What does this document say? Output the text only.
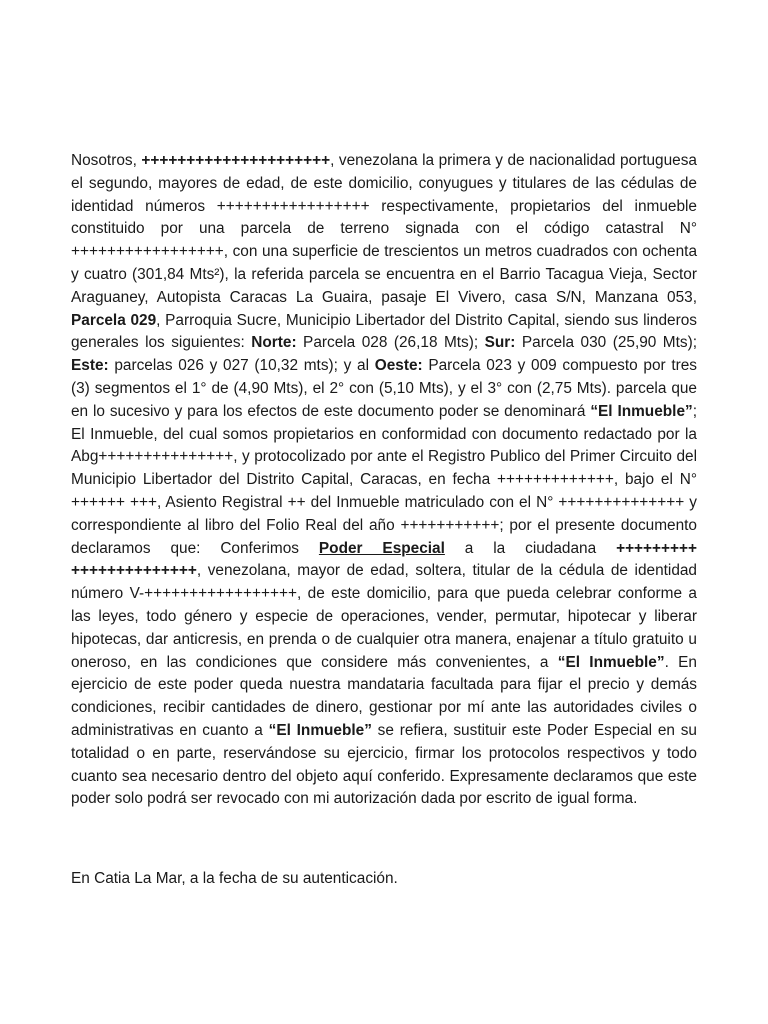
Nosotros, +++++++++++++++++++++, venezolana la primera y de nacionalidad portuguesa el segundo, mayores de edad, de este domicilio, conyugues y titulares de las cédulas de identidad números +++++++++++++++++ respectivamente, propietarios del inmueble constituido por una parcela de terreno signada con el código catastral N° +++++++++++++++++, con una superficie de trescientos un metros cuadrados con ochenta y cuatro (301,84 Mts²), la referida parcela se encuentra en el Barrio Tacagua Vieja, Sector Araguaney, Autopista Caracas La Guaira, pasaje El Vivero, casa S/N, Manzana 053, Parcela 029, Parroquia Sucre, Municipio Libertador del Distrito Capital, siendo sus linderos generales los siguientes: Norte: Parcela 028 (26,18 Mts); Sur: Parcela 030 (25,90 Mts); Este: parcelas 026 y 027 (10,32 mts); y al Oeste: Parcela 023 y 009 compuesto por tres (3) segmentos el 1° de (4,90 Mts), el 2° con (5,10 Mts), y el 3° con (2,75 Mts). parcela que en lo sucesivo y para los efectos de este documento poder se denominará “El Inmueble”; El Inmueble, del cual somos propietarios en conformidad con documento redactado por la Abg+++++++++++++++, y protocolizado por ante el Registro Publico del Primer Circuito del Municipio Libertador del Distrito Capital, Caracas, en fecha +++++++++++++, bajo el N° ++++++ +++, Asiento Registral ++ del Inmueble matriculado con el N° ++++++++++++++ y correspondiente al libro del Folio Real del año +++++++++++; por el presente documento declaramos que: Conferimos Poder Especial a la ciudadana +++++++++ ++++++++++++++, venezolana, mayor de edad, soltera, titular de la cédula de identidad número V-+++++++++++++++++, de este domicilio, para que pueda celebrar conforme a las leyes, todo género y especie de operaciones, vender, permutar, hipotecar y liberar hipotecas, dar anticresis, en prenda o de cualquier otra manera, enajenar a título gratuito u oneroso, en las condiciones que considere más convenientes, a “El Inmueble”. En ejercicio de este poder queda nuestra mandataria facultada para fijar el precio y demás condiciones, recibir cantidades de dinero, gestionar por mí ante las autoridades civiles o administrativas en cuanto a “El Inmueble” se refiera, sustituir este Poder Especial en su totalidad o en parte, reservándose su ejercicio, firmar los protocolos respectivos y todo cuanto sea necesario dentro del objeto aquí conferido. Expresamente declaramos que este poder solo podrá ser revocado con mi autorización dada por escrito de igual forma.

En Catia La Mar, a la fecha de su autenticación.
